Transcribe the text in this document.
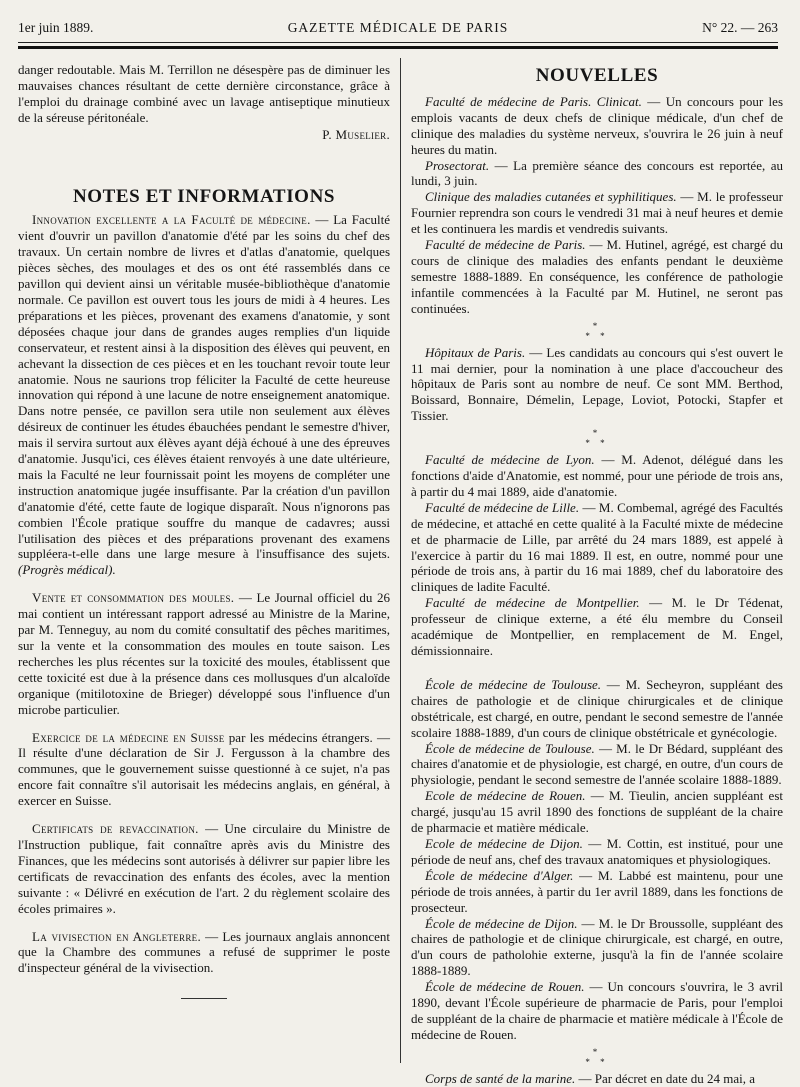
1er juin 1889.	GAZETTE MÉDICALE DE PARIS	N° 22. — 263

danger redoutable. Mais M. Terrillon ne désespère pas de diminuer les mauvaises chances résultant de cette dernière circonstance, grâce à l'emploi du drainage combiné avec un lavage antiseptique minutieux de la séreuse péritonéale.

P. Muselier.
NOTES ET INFORMATIONS

Innovation excellente a la Faculté de médecine. — La Faculté vient d'ouvrir un pavillon d'anatomie d'été par les soins du chef des travaux. Un certain nombre de livres et d'atlas d'anatomie, quelques pièces sèches, des moulages et des os ont été rassemblés dans ce pavillon qui devient ainsi un véritable musée-bibliothèque d'anatomie normale. Ce pavillon est ouvert tous les jours de midi à 4 heures. Les préparations et les pièces, provenant des examens d'anatomie, y sont déposées chaque jour dans de grandes auges remplies d'un liquide conservateur, et restent ainsi à la disposition des élèves qui peuvent, en achevant la dissection de ces pièces et en les touchant revoir toute leur anatomie. Nous ne saurions trop féliciter la Faculté de cette heureuse innovation qui répond à une lacune de notre enseignement anatomique. Dans notre pensée, ce pavillon sera utile non seulement aux élèves désireux de continuer les études ébauchées pendant le semestre d'hiver, mais il servira surtout aux élèves ayant déjà échoué à une des épreuves d'anatomie. Jusqu'ici, ces élèves étaient renvoyés à une date ultérieure, mais la Faculté ne leur fournissait point les moyens de compléter une instruction anatomique jugée insuffisante. Par la création d'un pavillon d'anatomie d'été, cette faute de logique disparaît. Nous n'ignorons pas combien l'École pratique souffre du manque de cadavres; aussi l'utilisation des pièces et des préparations provenant des examens suppléera-t-elle dans une large mesure à l'insuffisance des sujets. (Progrès médical).

Vente et consommation des moules. — Le Journal officiel du 26 mai contient un intéressant rapport adressé au Ministre de la Marine, par M. Tenneguy, au nom du comité consultatif des pêches maritimes, sur la vente et la consommation des moules en toute saison. Les recherches les plus récentes sur la toxicité des moules, établissent que cette toxicité est due à la présence dans ces mollusques d'un alcaloïde organique (mitilotoxine de Brieger) développé sous l'influence d'un microbe particulier.

Exercice de la médecine en Suisse par les médecins étrangers. — Il résulte d'une déclaration de Sir J. Fergusson à la chambre des communes, que le gouvernement suisse questionné à ce sujet, n'a pas encore fait connaître s'il autorisait les médecins anglais, en général, à exercer en Suisse.

Certificats de revaccination. — Une circulaire du Ministre de l'Instruction publique, fait connaître après avis du Ministre des Finances, que les médecins sont autorisés à délivrer sur papier libre les certificats de revaccination des enfants des écoles, avec la mention suivante : « Délivré en exécution de l'art. 2 du règlement scolaire des écoles primaires ».

La vivisection en Angleterre. — Les journaux anglais annoncent que la Chambre des communes a refusé de supprimer le poste d'inspecteur général de la vivisection.

NOUVELLES

Faculté de médecine de Paris. Clinicat. — Un concours pour les emplois vacants de deux chefs de clinique médicale, d'un chef de clinique des maladies du système nerveux, s'ouvrira le 26 juin à neuf heures du matin.

Prosectorat. — La première séance des concours est reportée, au lundi, 3 juin.

Clinique des maladies cutanées et syphilitiques. — M. le professeur Fournier reprendra son cours le vendredi 31 mai à neuf heures et demie et les continuera les mardis et vendredis suivants.

Faculté de médecine de Paris. — M. Hutinel, agrégé, est chargé du cours de clinique des maladies des enfants pendant le deuxième semestre 1888-1889. En conséquence, les conférence de pathologie infantile commencées à la Faculté par M. Hutinel, ne seront pas continuées.

*
* *

Hôpitaux de Paris. — Les candidats au concours qui s'est ouvert le 11 mai dernier, pour la nomination à une place d'accoucheur des hôpitaux de Paris sont au nombre de neuf. Ce sont MM. Berthod, Boissard, Bonnaire, Démelin, Lepage, Loviot, Potocki, Stapfer et Tissier.

*
* *

Faculté de médecine de Lyon. — M. Adenot, délégué dans les fonctions d'aide d'Anatomie, est nommé, pour une période de trois ans, à partir du 4 mai 1889, aide d'anatomie.

Faculté de médecine de Lille. — M. Combemal, agrégé des Facultés de médecine, et attaché en cette qualité à la Faculté mixte de médecine et de pharmacie de Lille, par arrêté du 24 mars 1889, est appelé à l'exercice à partir du 16 mai 1889. Il est, en outre, nommé pour une période de trois ans, à partir du 16 mai 1889, chef du laboratoire des cliniques de ladite Faculté.

Faculté de médecine de Montpellier. — M. le Dr Tédenat, professeur de clinique externe, a été élu membre du Conseil académique de Montpellier, en remplacement de M. Engel, démissionnaire.

École de médecine de Toulouse. — M. Secheyron, suppléant des chaires de pathologie et de clinique chirurgicales et de clinique obstétricale, est chargé, en outre, pendant le second semestre de l'année scolaire 1888-1889, d'un cours de clinique obstétricale et gynécologie.

École de médecine de Toulouse. — M. le Dr Bédard, suppléant des chaires d'anatomie et de physiologie, est chargé, en outre, d'un cours de physiologie, pendant le second semestre de l'année scolaire 1888-1889.

Ecole de médecine de Rouen. — M. Tieulin, ancien suppléant est chargé, jusqu'au 15 avril 1890 des fonctions de suppléant de la chaire de pharmacie et matière médicale.

Ecole de médecine de Dijon. — M. Cottin, est institué, pour une période de neuf ans, chef des travaux anatomiques et physiologiques.

École de médecine d'Alger. — M. Labbé est maintenu, pour une période de trois années, à partir du 1er avril 1889, dans les fonctions de prosecteur.

École de médecine de Dijon. — M. le Dr Broussolle, suppléant des chaires de pathologie et de clinique chirurgicale, est chargé, en outre, d'un cours de patholohie externe, jusqu'à la fin de l'année scolaire 1888-1889.

École de médecine de Rouen. — Un concours s'ouvrira, le 3 avril 1890, devant l'École supérieure de pharmacie de Paris, pour l'emploi de suppléant de la chaire de pharmacie et matière médicale à l'École de médecine de Rouen.

*
* *

Corps de santé de la marine. — Par décret en date du 24 mai, a
